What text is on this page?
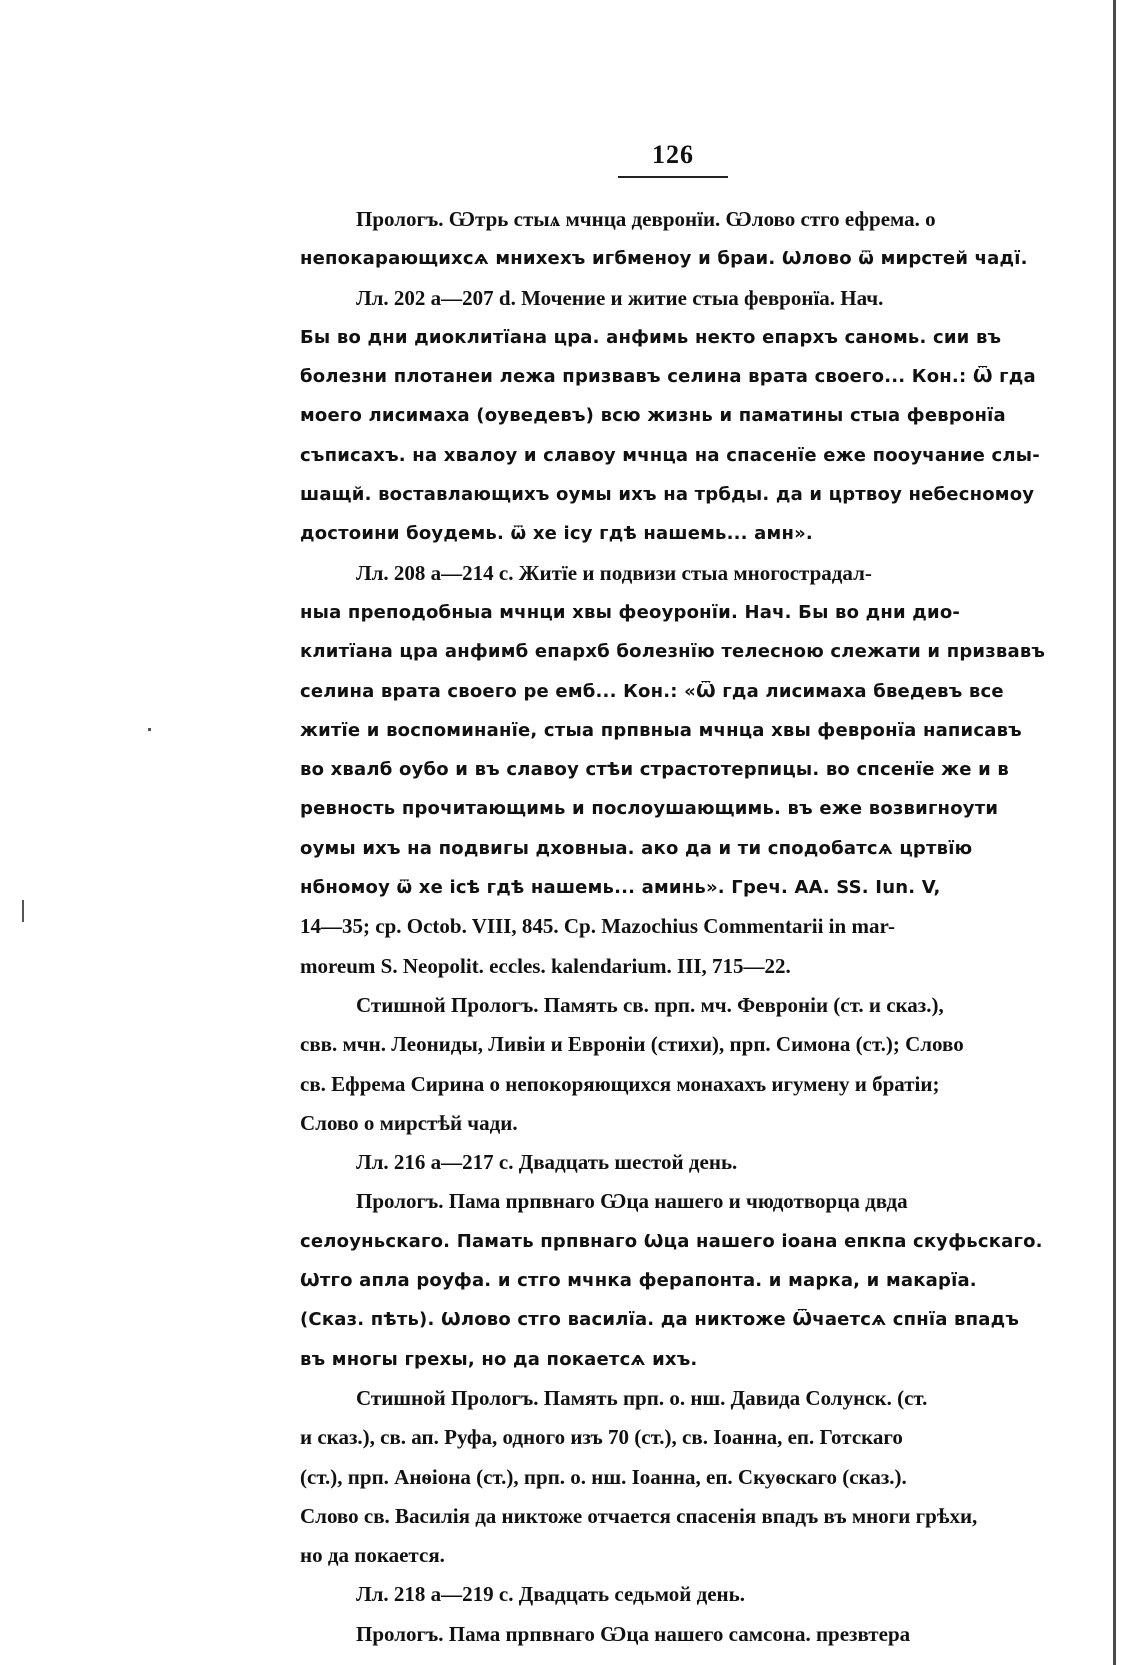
126
Прологъ. Ѡтрь стыѧ мчнца девронїи. Ѡлово стго ефрема. о
непокарающихсѧ мнихехъ игбменоу и браи. Ѡлово ѿ мирстей чадї.
Лл. 202 а—207 d. Мочение и житие стыа февронїа. Нач.
Бы во дни диоклитїана цра. анфимь некто епархъ саномь. сии въ
болезни плотанеи лежа призвавъ селина врата своего... Кон.: Ѿ гда
моего лисимаха (оуведевъ) всю жизнь и паматины стыа февронїа
съписахъ. на хвалоу и славоу мчнца на спасенїе еже пооучание слы-
шащй. воставлающихъ оумы ихъ на трбды. да и цртвоу небесномоу
достоини боудемь. ѿ хе ісу гдѣ нашемь... амн».
Лл. 208 а—214 с. Житїе и подвизи стыа многострадал-
ныа преподобныа мчнци хвы феоуронїи. Нач. Бы во дни дио-
клитїана цра анфимб епархб болезнїю телесною слежати и призвавъ
селина врата своего ре емб... Кон.: «Ѿ гда лисимаха бведевъ все
житїе и воспоминанїе, стыа прпвныа мчнца хвы февронїа написавъ
во хвалб оубо и въ славоу стѣи страстотерпицы. во спсенїе же и в
ревность прочитающимь и послоушающимь. въ еже возвигноути
оумы ихъ на подвигы дховныа. ако да и ти сподобатсѧ цртвїю
нбномоу ѿ хе ісѣ гдѣ нашемь... аминь». Греч. АА. SS. Iun. V,
14—35; ср. Octob. VIII, 845. Ср. Mazochius Commentarii in mar-
moreum S. Neopolit. eccles. kalendarium. III, 715—22.
Стишной Прологъ. Память св. прп. мч. Февроніи (ст. и сказ.),
свв. мчн. Леониды, Ливіи и Евроніи (стихи), прп. Симона (ст.); Слово
св. Ефрема Сирина о непокоряющихся монахахъ игумену и братіи;
Слово о мирстѣй чади.
Лл. 216 а—217 с. Двадцать шестой день.
Прологъ. Пама прпвнаго Ѡца нашего и чюдотворца двда
селоуньскаго. Памать прпвнаго Ѡца нашего іоана епкпа скуфьскаго.
Ѡтго апла роуфа. и стго мчнка ферапонта. и марка, и макарїа.
(Сказ. пѣть). Ѡлово стго василїа. да никтоже Ѿчаетсѧ спнїа впадъ
въ многы грехы, но да покаетсѧ ихъ.
Стишной Прологъ. Память прп. о. нш. Давида Солунск. (ст.
и сказ.), св. ап. Руфа, одного изъ 70 (ст.), св. Іоанна, еп. Готскаго
(ст.), прп. Анѳіона (ст.), прп. о. нш. Іоанна, еп. Скуѳскаго (сказ.).
Слово св. Василія да никтоже отчается спасенія впадъ въ многи грѣхи,
но да покается.
Лл. 218 а—219 с. Двадцать седьмой день.
Прологъ. Пама прпвнаго Ѡца нашего самсона. презвтера
